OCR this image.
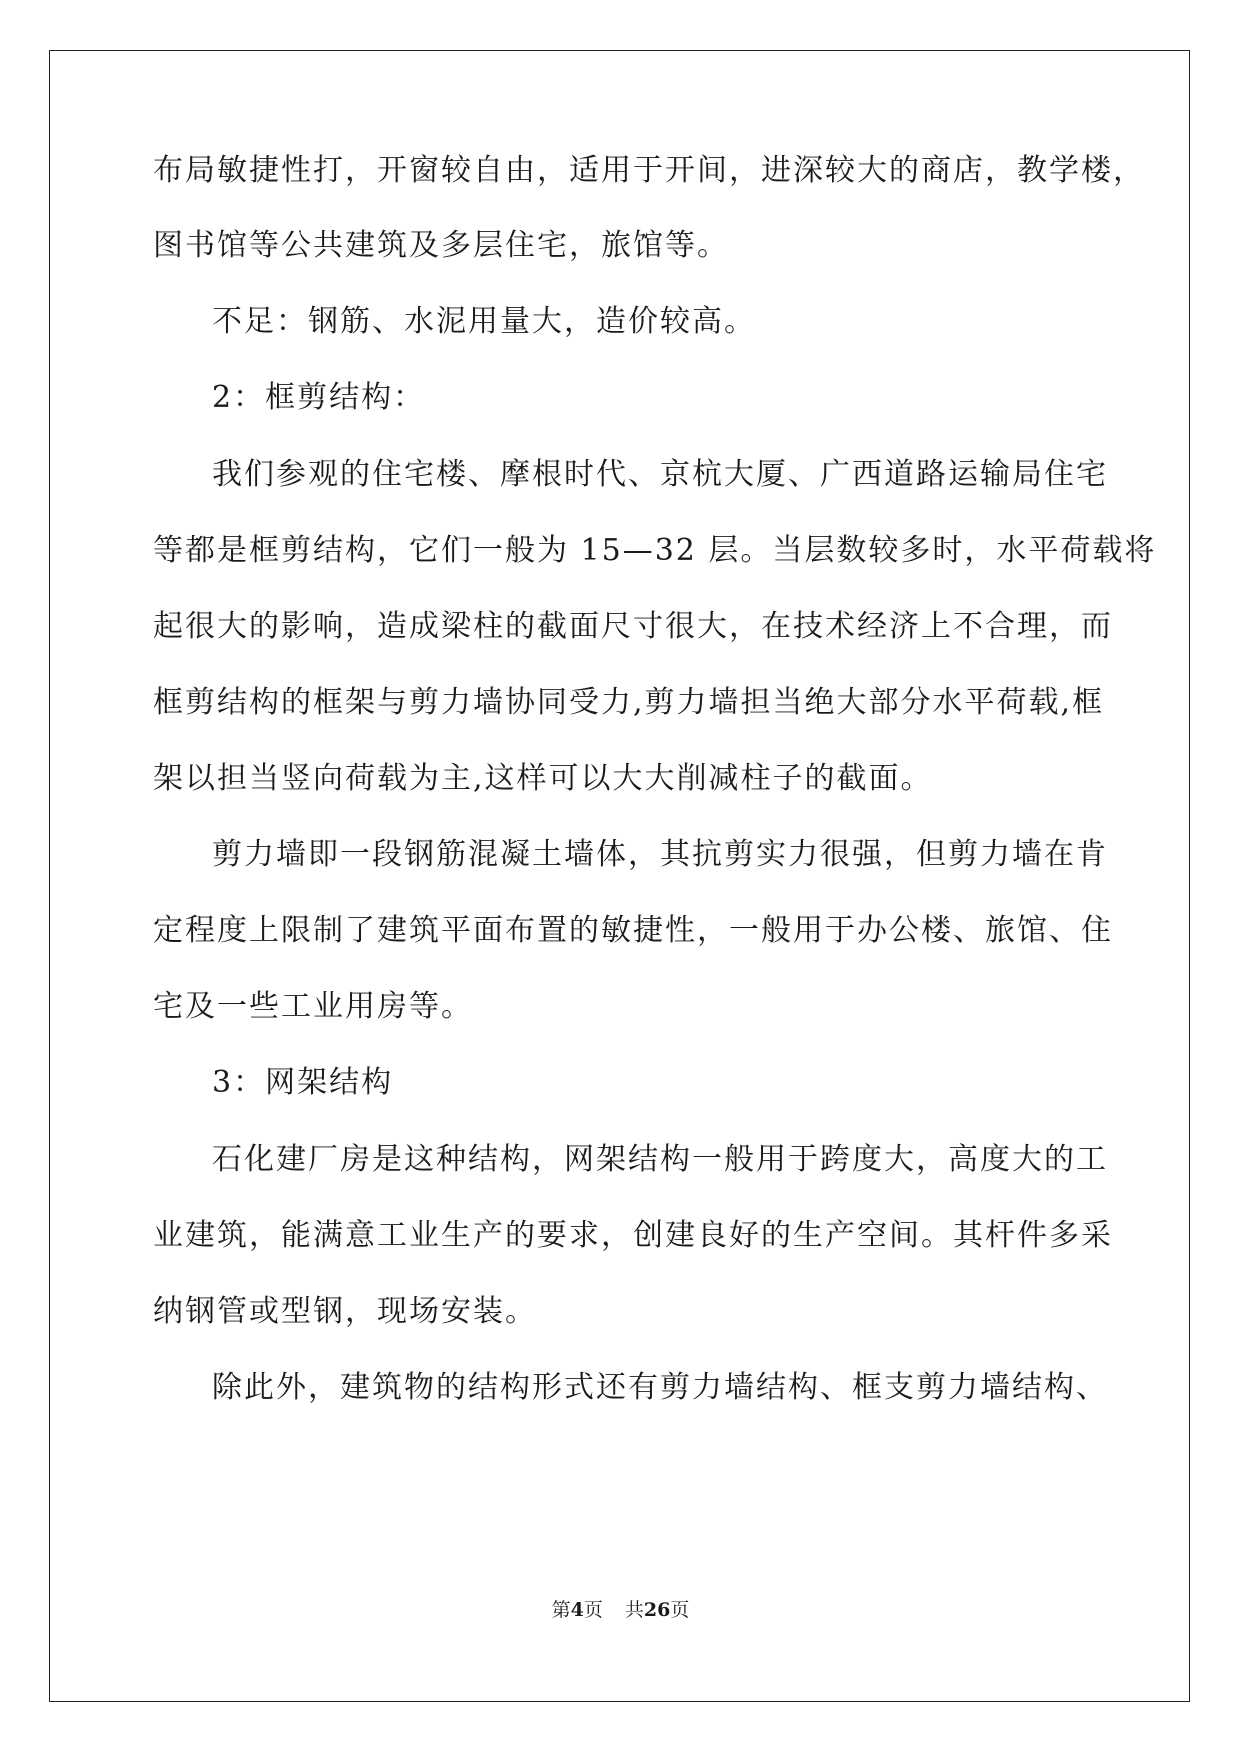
布局敏捷性打，开窗较自由，适用于开间，进深较大的商店，教学楼，
图书馆等公共建筑及多层住宅，旅馆等。
不足：钢筋、水泥用量大，造价较高。
2：框剪结构：
我们参观的住宅楼、摩根时代、京杭大厦、广西道路运输局住宅
等都是框剪结构，它们一般为 15—32 层。当层数较多时，水平荷载将
起很大的影响，造成梁柱的截面尺寸很大，在技术经济上不合理，而
框剪结构的框架与剪力墙协同受力,剪力墙担当绝大部分水平荷载,框
架以担当竖向荷载为主,这样可以大大削减柱子的截面。
剪力墙即一段钢筋混凝土墙体，其抗剪实力很强，但剪力墙在肯
定程度上限制了建筑平面布置的敏捷性，一般用于办公楼、旅馆、住
宅及一些工业用房等。
3：网架结构
石化建厂房是这种结构，网架结构一般用于跨度大，高度大的工
业建筑，能满意工业生产的要求，创建良好的生产空间。其杆件多采
纳钢管或型钢，现场安装。
除此外，建筑物的结构形式还有剪力墙结构、框支剪力墙结构、
第4页 共26页
